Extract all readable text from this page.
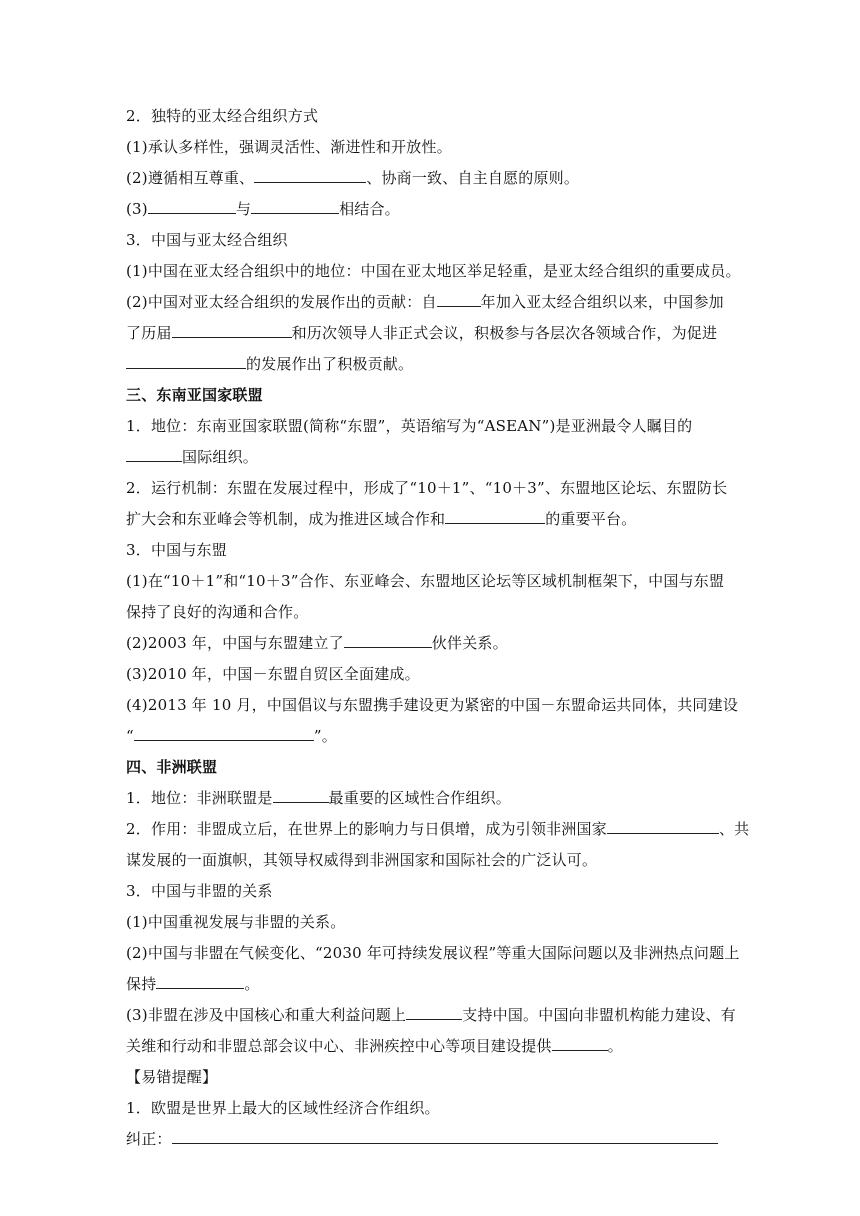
2．独特的亚太经合组织方式
(1)承认多样性，强调灵活性、渐进性和开放性。
(2)遵循相互尊重、	、协商一致、自主自愿的原则。
(3)	与	相结合。
3．中国与亚太经合组织
(1)中国在亚太经合组织中的地位：中国在亚太地区举足轻重，是亚太经合组织的重要成员。
(2)中国对亚太经合组织的发展作出的贡献：自	年加入亚太经合组织以来，中国参加
了历届	和历次领导人非正式会议，积极参与各层次各领域合作，为促进
的发展作出了积极贡献。
三、东南亚国家联盟
1．地位：东南亚国家联盟(简称“东盟”，英语缩写为“ASEAN”)是亚洲最令人瞩目的
国际组织。
2．运行机制：东盟在发展过程中，形成了“10＋1”、“10＋3”、东盟地区论坛、东盟防长
扩大会和东亚峰会等机制，成为推进区域合作和	的重要平台。
3．中国与东盟
(1)在“10＋1”和“10＋3”合作、东亚峰会、东盟地区论坛等区域机制框架下，中国与东盟
保持了良好的沟通和合作。
(2)2003 年，中国与东盟建立了	伙伴关系。
(3)2010 年，中国－东盟自贸区全面建成。
(4)2013 年 10 月，中国倡议与东盟携手建设更为紧密的中国－东盟命运共同体，共同建设
“	”。
四、非洲联盟
1．地位：非洲联盟是	最重要的区域性合作组织。
2．作用：非盟成立后，在世界上的影响力与日俱增，成为引领非洲国家	、共
谋发展的一面旗帜，其领导权威得到非洲国家和国际社会的广泛认可。
3．中国与非盟的关系
(1)中国重视发展与非盟的关系。
(2)中国与非盟在气候变化、“2030 年可持续发展议程”等重大国际问题以及非洲热点问题上
保持	。
(3)非盟在涉及中国核心和重大利益问题上	支持中国。中国向非盟机构能力建设、有
关维和行动和非盟总部会议中心、非洲疾控中心等项目建设提供	。
【易错提醒】
1．欧盟是世界上最大的区域性经济合作组织。
纠正：
